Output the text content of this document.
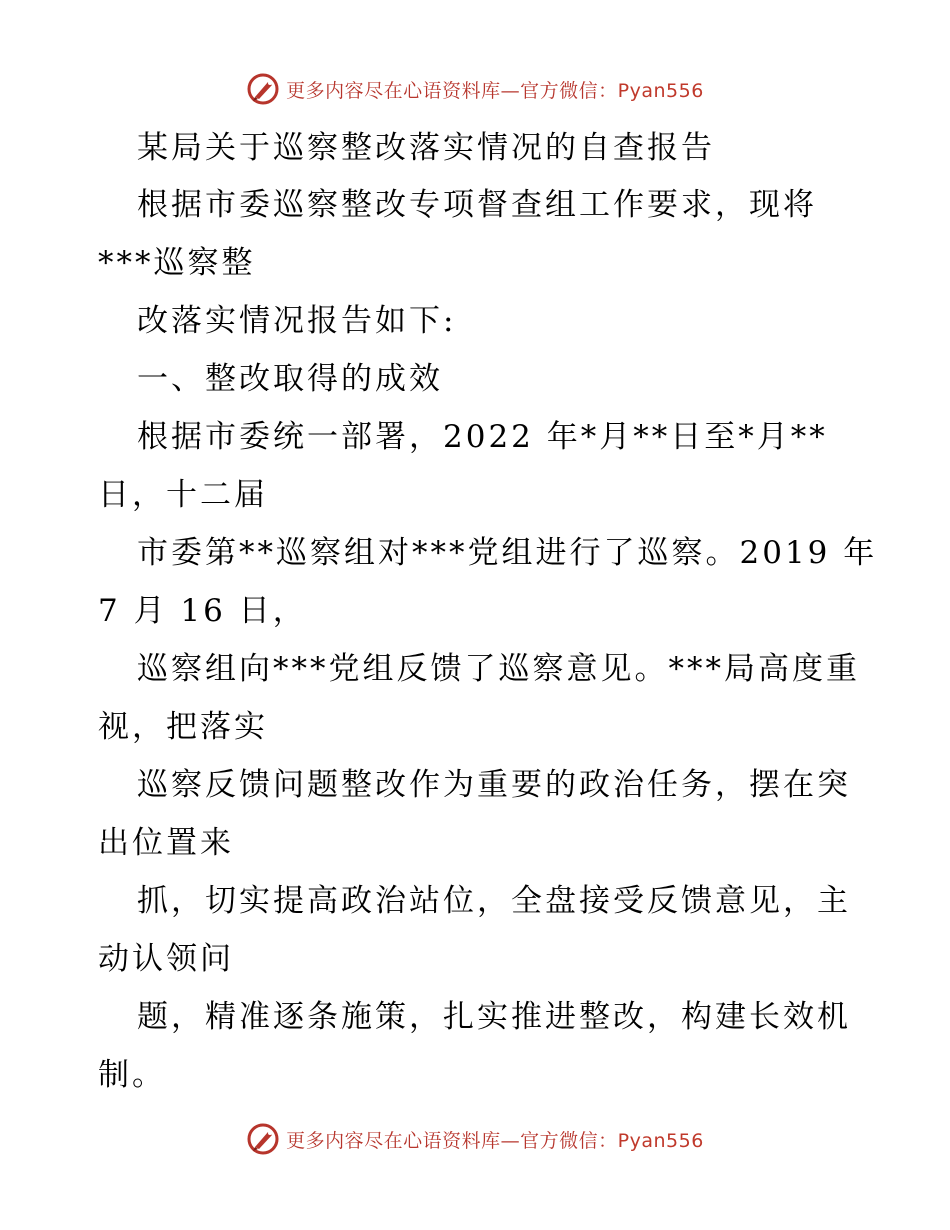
更多内容尽在心语资料库—官方微信：Pyan556
某局关于巡察整改落实情况的自查报告
根据市委巡察整改专项督查组工作要求，现将
***巡察整
改落实情况报告如下:
一、整改取得的成效
根据市委统一部署，2022 年*月**日至*月**
日，十二届
市委第**巡察组对***党组进行了巡察。2019 年
7 月 16 日，
巡察组向***党组反馈了巡察意见。***局高度重
视，把落实
巡察反馈问题整改作为重要的政治任务，摆在突
出位置来
抓，切实提高政治站位，全盘接受反馈意见，主
动认领问
题，精准逐条施策，扎实推进整改，构建长效机
制。
更多内容尽在心语资料库—官方微信：Pyan556
